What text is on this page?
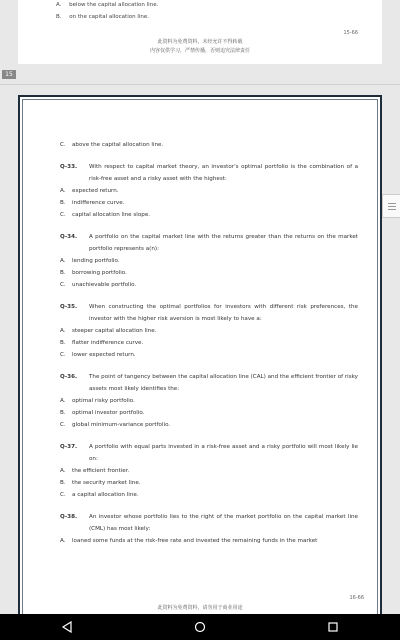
A. below the capital allocation line.
B. on the capital allocation line.
15-66
此资料为免费资料，未经允许不得转载
内容仅供学习，严禁传播，否则追究法律责任
15
C.	above the capital allocation line.
Q-33.	With respect to capital market theory, an investor's optimal portfolio is the combination of a risk-free asset and a risky asset with the highest:
A.	expected return.
B.	indifference curve.
C.	capital allocation line slope.
Q-34.	A portfolio on the capital market line with the returns greater than the returns on the market portfolio represents a(n):
A.	lending portfolio.
B.	borrowing portfolio.
C.	unachievable portfolio.
Q-35.	When constructing the optimal portfolios for investors with different risk preferences, the investor with the higher risk aversion is most likely to have a:
A.	steeper capital allocation line.
B.	flatter indifference curve.
C.	lower expected return.
Q-36.	The point of tangency between the capital allocation line (CAL) and the efficient frontier of risky assets most likely identifies the:
A.	optimal risky portfolio.
B.	optimal investor portfolio.
C.	global minimum-variance portfolio.
Q-37.	A portfolio with equal parts invested in a risk-free asset and a risky portfolio will most likely lie on:
A.	the efficient frontier.
B.	the security market line.
C.	a capital allocation line.
Q-38.	An investor whose portfolio lies to the right of the market portfolio on the capital market line (CML) has most likely:
A.	loaned some funds at the risk-free rate and invested the remaining funds in the market
16-66
此资料为免费资料，请勿用于商业用途
